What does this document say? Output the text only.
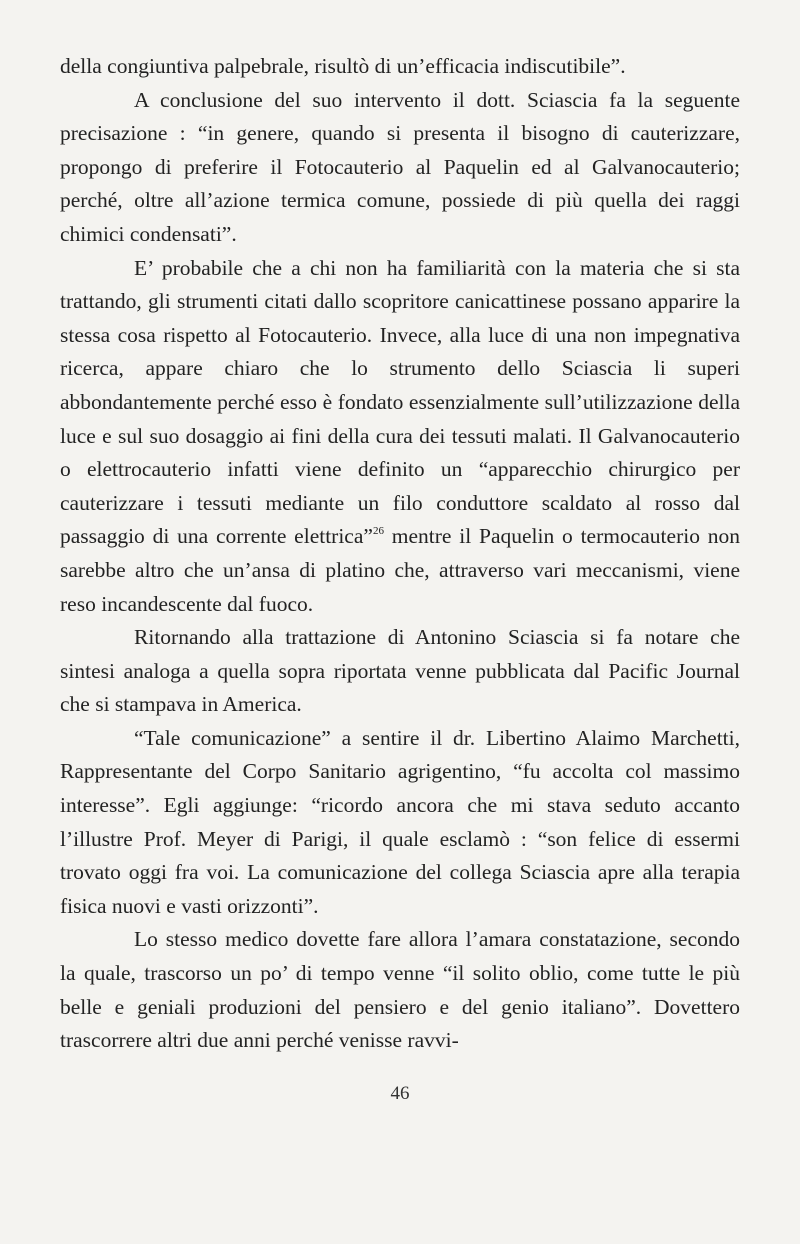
della congiuntiva palpebrale, risultò di un’efficacia indiscutibile”.

A conclusione del suo intervento il dott. Sciascia fa la seguente precisazione : “in genere, quando si presenta il bisogno di cauterizzare, propongo di preferire il Fotocauterio al Paquelin ed al Galvanocauterio; perché, oltre all’azione termica comune, possiede di più quella dei raggi chimici condensati”.

E’ probabile che a chi non ha familiarità con la materia che si sta trattando, gli strumenti citati dallo scopritore canicattinese possano apparire la stessa cosa rispetto al Fotocauterio. Invece, alla luce di una non impegnativa ricerca, appare chiaro che lo strumento dello Sciascia li superi abbondantemente perché esso è fondato essenzialmente sull’utilizzazione della luce e sul suo dosaggio ai fini della cura dei tessuti malati. Il Galvanocauterio o elettrocauterio infatti viene definito un “apparecchio chirurgico per cauterizzare i tessuti mediante un filo conduttore scaldato al rosso dal passaggio di una corrente elettrica”$^{26}$ mentre il Paquelin o termocauterio non sarebbe altro che un’ansa di platino che, attraverso vari meccanismi, viene reso incandescente dal fuoco.

Ritornando alla trattazione di Antonino Sciascia si fa notare che sintesi analoga a quella sopra riportata venne pubblicata dal Pacific Journal che si stampava in America.

“Tale comunicazione” a sentire il dr. Libertino Alaimo Marchetti, Rappresentante del Corpo Sanitario agrigentino, “fu accolta col massimo interesse”. Egli aggiunge: “ricordo ancora che mi stava seduto accanto l’illustre Prof. Meyer di Parigi, il quale esclamò : “son felice di essermi trovato oggi fra voi. La comunicazione del collega Sciascia apre alla terapia fisica nuovi e vasti orizzonti”.

Lo stesso medico dovette fare allora l’amara constatazione, secondo la quale, trascorso un po’ di tempo venne “il solito oblio, come tutte le più belle e geniali produzioni del pensiero e del genio italiano”. Dovettero trascorrere altri due anni perché venisse ravvi-

46
